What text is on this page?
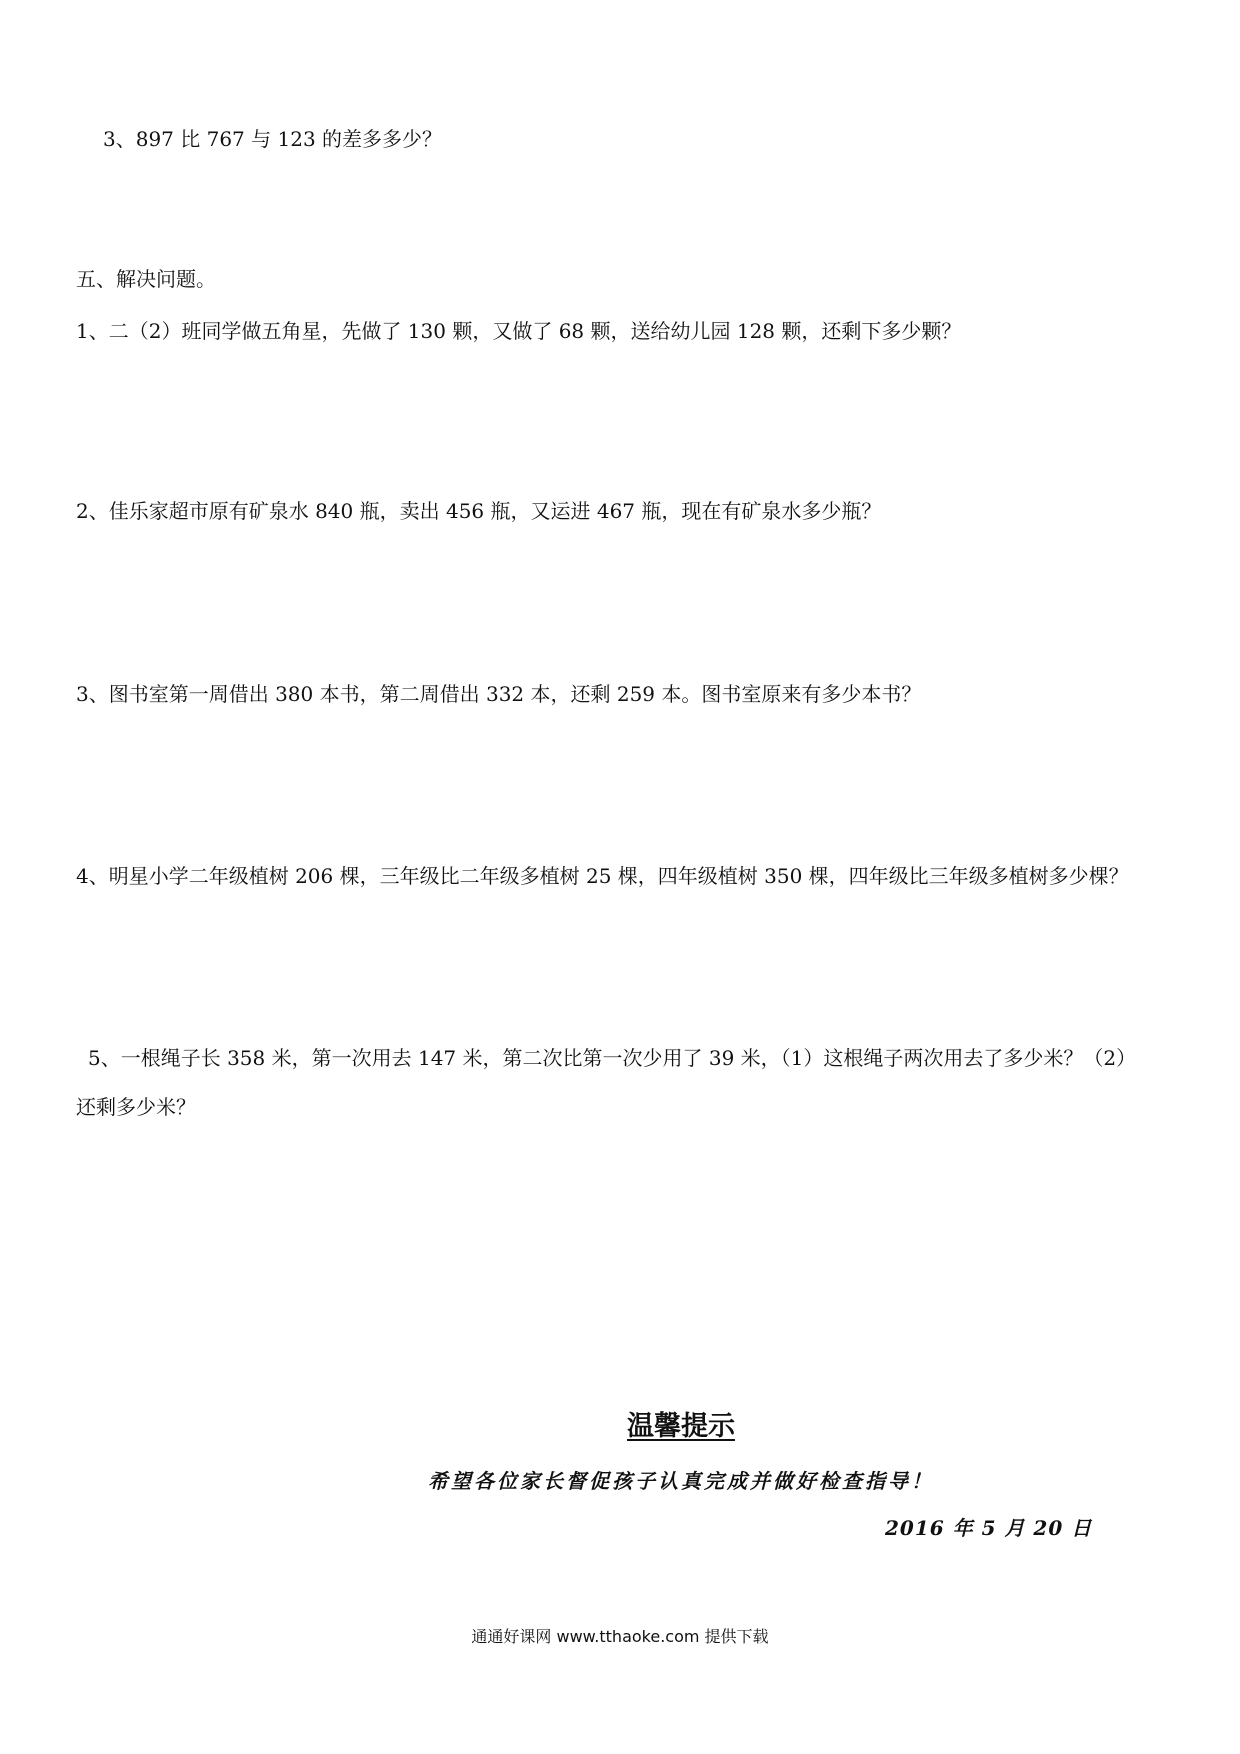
3、897 比 767 与 123 的差多多少？
五、解决问题。
1、二（2）班同学做五角星，先做了 130 颗，又做了 68 颗，送给幼儿园 128 颗，还剩下多少颗？
2、佳乐家超市原有矿泉水 840 瓶，卖出 456 瓶，又运进 467 瓶，现在有矿泉水多少瓶？
3、图书室第一周借出 380 本书，第二周借出 332 本，还剩 259 本。图书室原来有多少本书？
4、明星小学二年级植树 206 棵，三年级比二年级多植树 25 棵，四年级植树 350 棵，四年级比三年级多植树多少棵？
5、一根绳子长 358 米，第一次用去 147 米，第二次比第一次少用了 39 米，（1）这根绳子两次用去了多少米？（2）
还剩多少米？
温馨提示
希望各位家长督促孩子认真完成并做好检查指导！
2016 年 5 月 20 日
通通好课网 www.tthaoke.com 提供下载
